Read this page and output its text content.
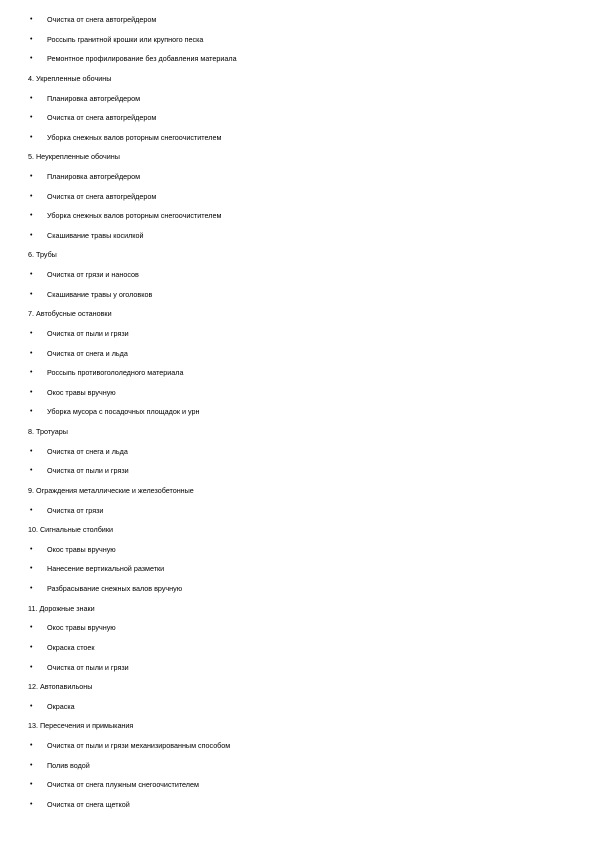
•	Очистка от снега автогрейдером
•	Россыпь гранитной крошки или крупного песка
•	Ремонтное профилирование без добавления материала
4. Укрепленные обочины
•	Планировка автогрейдером
•	Очистка от снега автогрейдером
•	Уборка снежных валов роторным снегоочистителем
5. Неукрепленные обочины
•	Планировка автогрейдером
•	Очистка от снега автогрейдером
•	Уборка снежных валов роторным снегоочистителем
•	Скашивание травы косилкой
6. Трубы
•	Очистка от грязи и наносов
•	Скашивание травы у оголовков
7. Автобусные остановки
•	Очистка от пыли и грязи
•	Очистка от снега и льда
•	Россыпь противогололедного материала
•	Окос травы вручную
•	Уборка мусора с посадочных площадок и урн
8. Тротуары
•	Очистка от снега и льда
•	Очистка от пыли и грязи
9. Ограждения металлические и железобетонные
•	Очистка от грязи
10. Сигнальные столбики
•	Окос травы вручную
•	Нанесение вертикальной разметки
•	Разбрасывание снежных валов вручную
11. Дорожные знаки
•	Окос травы вручную
•	Окраска стоек
•	Очистка от пыли и грязи
12. Автопавильоны
•	Окраска
13. Пересечения и примыкания
•	Очистка от пыли и грязи механизированным способом
•	Полив водой
•	Очистка от снега плужным снегоочистителем
•	Очистка от снега щеткой
